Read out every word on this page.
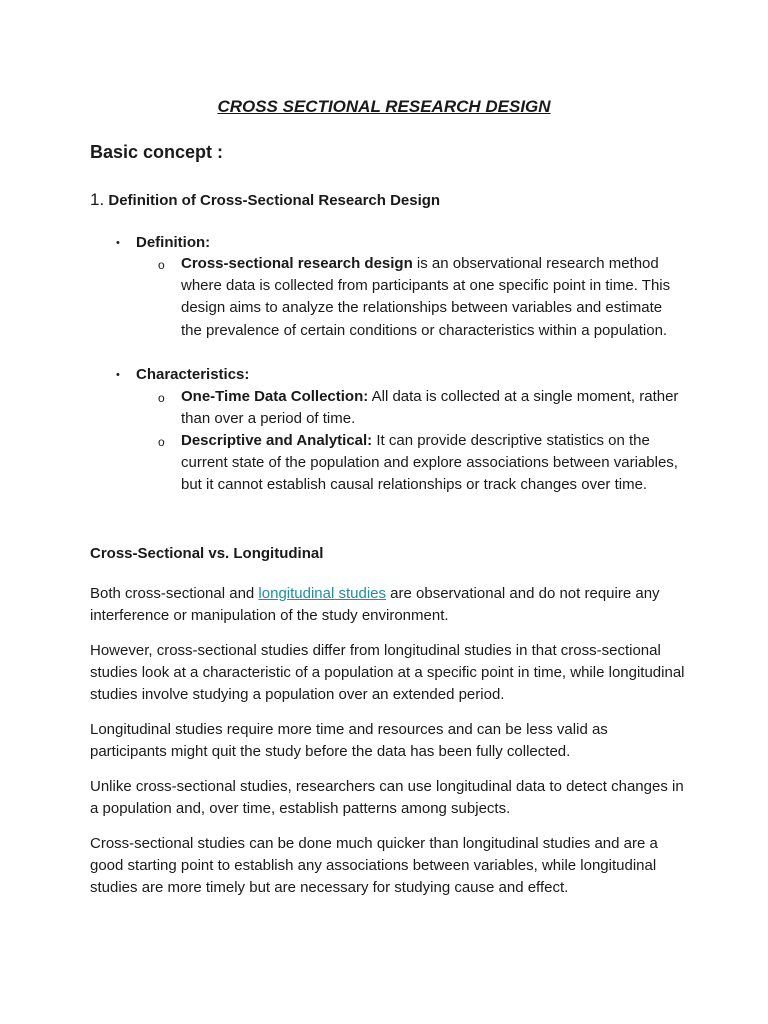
CROSS SECTIONAL RESEARCH DESIGN
Basic concept :
1. Definition of Cross-Sectional Research Design
• Definition:
o Cross-sectional research design is an observational research method where data is collected from participants at one specific point in time. This design aims to analyze the relationships between variables and estimate the prevalence of certain conditions or characteristics within a population.
• Characteristics:
o One-Time Data Collection: All data is collected at a single moment, rather than over a period of time.
o Descriptive and Analytical: It can provide descriptive statistics on the current state of the population and explore associations between variables, but it cannot establish causal relationships or track changes over time.
Cross-Sectional vs. Longitudinal
Both cross-sectional and longitudinal studies are observational and do not require any interference or manipulation of the study environment.
However, cross-sectional studies differ from longitudinal studies in that cross-sectional studies look at a characteristic of a population at a specific point in time, while longitudinal studies involve studying a population over an extended period.
Longitudinal studies require more time and resources and can be less valid as participants might quit the study before the data has been fully collected.
Unlike cross-sectional studies, researchers can use longitudinal data to detect changes in a population and, over time, establish patterns among subjects.
Cross-sectional studies can be done much quicker than longitudinal studies and are a good starting point to establish any associations between variables, while longitudinal studies are more timely but are necessary for studying cause and effect.
